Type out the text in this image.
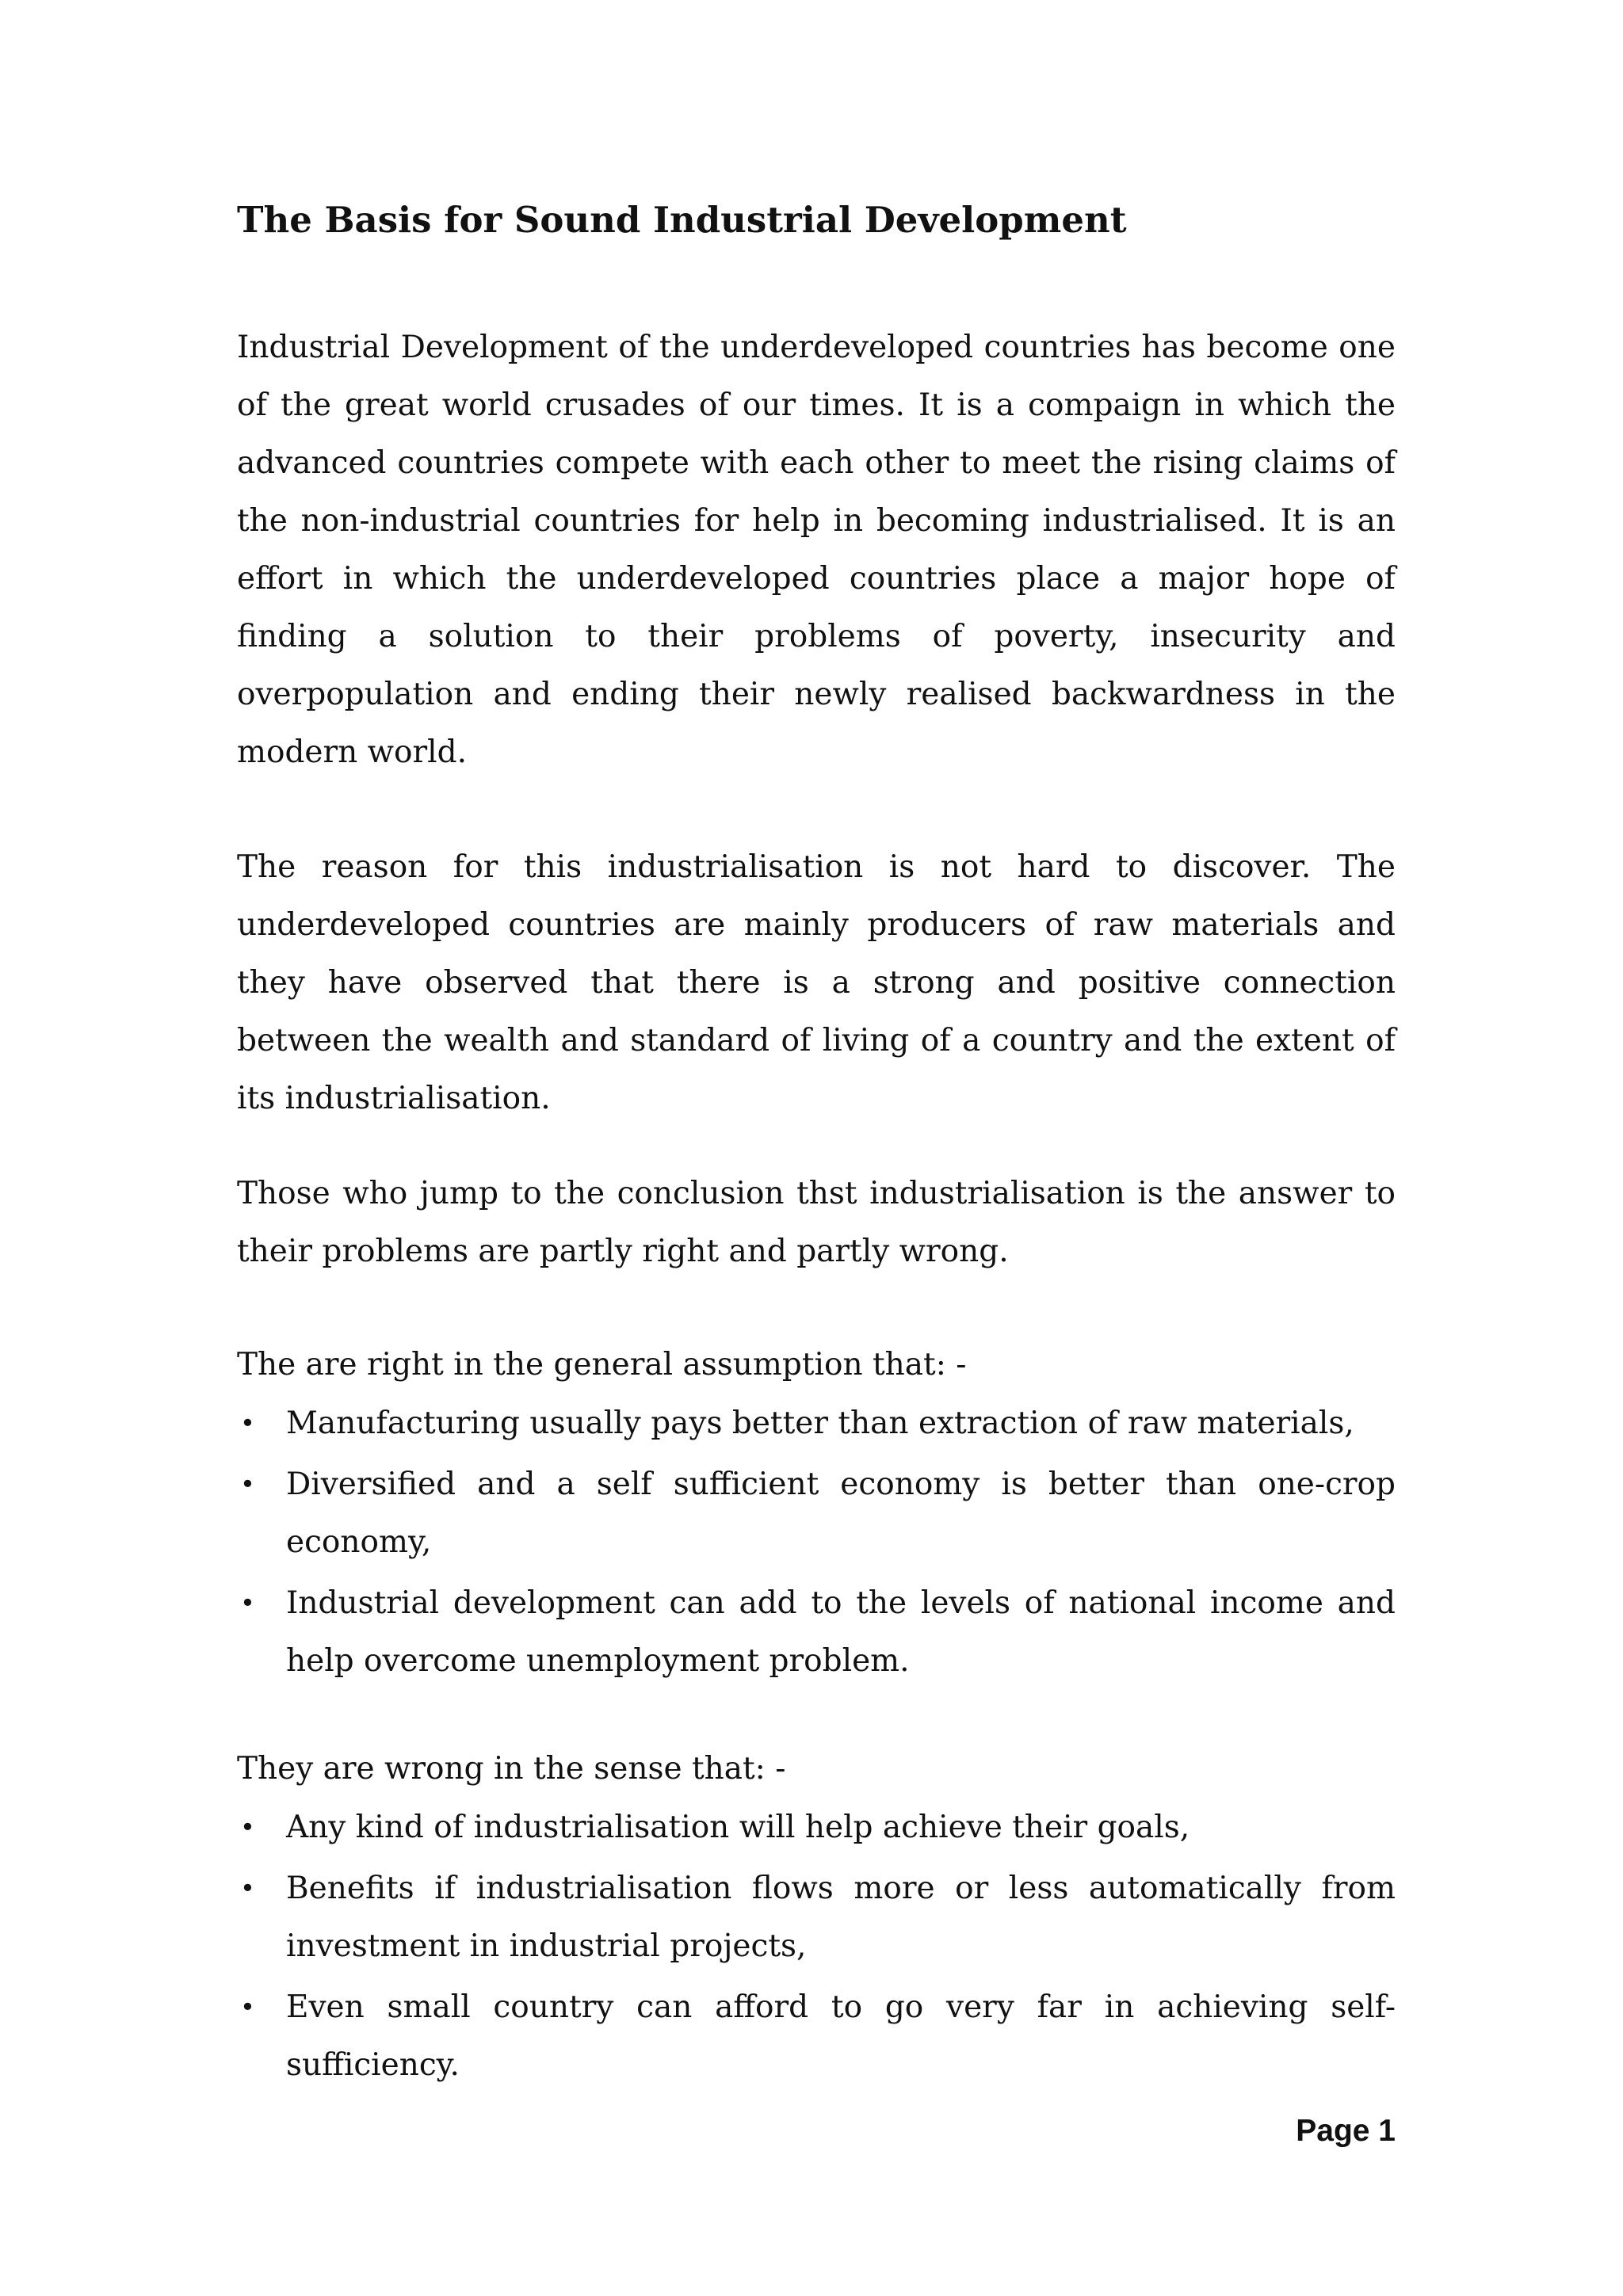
The Basis for Sound Industrial Development

Industrial Development of the underdeveloped countries has become one of the great world crusades of our times. It is a compaign in which the advanced countries compete with each other to meet the rising claims of the non-industrial countries for help in becoming industrialised. It is an effort in which the underdeveloped countries place a major hope of finding a solution to their problems of poverty, insecurity and overpopulation and ending their newly realised backwardness in the modern world.

The reason for this industrialisation is not hard to discover. The underdeveloped countries are mainly producers of raw materials and they have observed that there is a strong and positive connection between the wealth and standard of living of a country and the extent of its industrialisation.

Those who jump to the conclusion thst industrialisation is the answer to their problems are partly right and partly wrong.

The are right in the general assumption that: -

• Manufacturing usually pays better than extraction of raw materials,
• Diversified and a self sufficient economy is better than one-crop economy,
• Industrial development can add to the levels of national income and help overcome unemployment problem.

They are wrong in the sense that: -

• Any kind of industrialisation will help achieve their goals,
• Benefits if industrialisation flows more or less automatically from investment in industrial projects,
• Even small country can afford to go very far in achieving self-sufficiency.

Page 1
